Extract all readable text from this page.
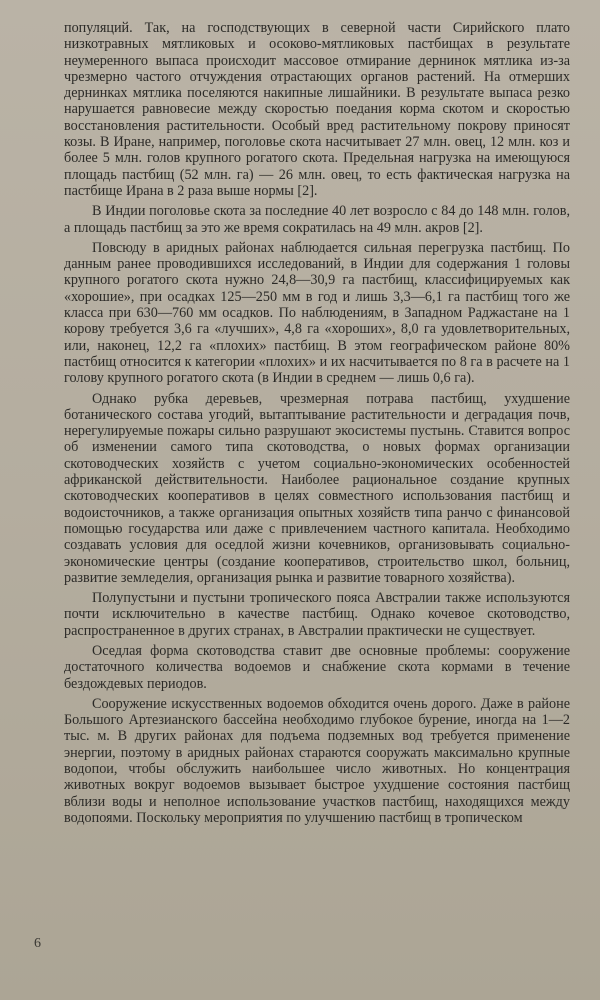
популяций. Так, на господствующих в северной части Сирийского плато низкотравных мятликовых и осоково-мятликовых пастбищах в результате неумеренного выпаса происходит массовое отмирание дернинок мятлика из-за чрезмерно частого отчуждения отрастающих органов растений. На отмерших дернинках мятлика поселяются накипные лишайники. В результате выпаса резко нарушается равновесие между скоростью поедания корма скотом и скоростью восстановления растительности. Особый вред растительному покрову приносят козы. В Иране, например, поголовье скота насчитывает 27 млн. овец, 12 млн. коз и более 5 млн. голов крупного рогатого скота. Предельная нагрузка на имеющуюся площадь пастбищ (52 млн. га) — 26 млн. овец, то есть фактическая нагрузка на пастбище Ирана в 2 раза выше нормы [2].

В Индии поголовье скота за последние 40 лет возросло с 84 до 148 млн. голов, а площадь пастбищ за это же время сократилась на 49 млн. акров [2].

Повсюду в аридных районах наблюдается сильная перегрузка пастбищ. По данным ранее проводившихся исследований, в Индии для содержания 1 головы крупного рогатого скота нужно 24,8—30,9 га пастбищ, классифицируемых как «хорошие», при осадках 125—250 мм в год и лишь 3,3—6,1 га пастбищ того же класса при 630—760 мм осадков. По наблюдениям, в Западном Раджастане на 1 корову требуется 3,6 га «лучших», 4,8 га «хороших», 8,0 га удовлетворительных, или, наконец, 12,2 га «плохих» пастбищ. В этом географическом районе 80% пастбищ относится к категории «плохих» и их насчитывается по 8 га в расчете на 1 голову крупного рогатого скота (в Индии в среднем — лишь 0,6 га).

Однако рубка деревьев, чрезмерная потрава пастбищ, ухудшение ботанического состава угодий, вытаптывание растительности и деградация почв, нерегулируемые пожары сильно разрушают экосистемы пустынь. Ставится вопрос об изменении самого типа скотоводства, о новых формах организации скотоводческих хозяйств с учетом социально-экономических особенностей африканской действительности. Наиболее рациональное создание крупных скотоводческих кооперативов в целях совместного использования пастбищ и водоисточников, а также организация опытных хозяйств типа ранчо с финансовой помощью государства или даже с привлечением частного капитала. Необходимо создавать условия для оседлой жизни кочевников, организовывать социально-экономические центры (создание кооперативов, строительство школ, больниц, развитие земледелия, организация рынка и развитие товарного хозяйства).

Полупустыни и пустыни тропического пояса Австралии также используются почти исключительно в качестве пастбищ. Однако кочевое скотоводство, распространенное в других странах, в Австралии практически не существует.

Оседлая форма скотоводства ставит две основные проблемы: сооружение достаточного количества водоемов и снабжение скота кормами в течение бездождевых периодов.

Сооружение искусственных водоемов обходится очень дорого. Даже в районе Большого Артезианского бассейна необходимо глубокое бурение, иногда на 1—2 тыс. м. В других районах для подъема подземных вод требуется применение энергии, поэтому в аридных районах стараются сооружать максимально крупные водопои, чтобы обслужить наибольшее число животных. Но концентрация животных вокруг водоемов вызывает быстрое ухудшение состояния пастбищ вблизи воды и неполное использование участков пастбищ, находящихся между водопоями. Поскольку мероприятия по улучшению пастбищ в тропическом

6
